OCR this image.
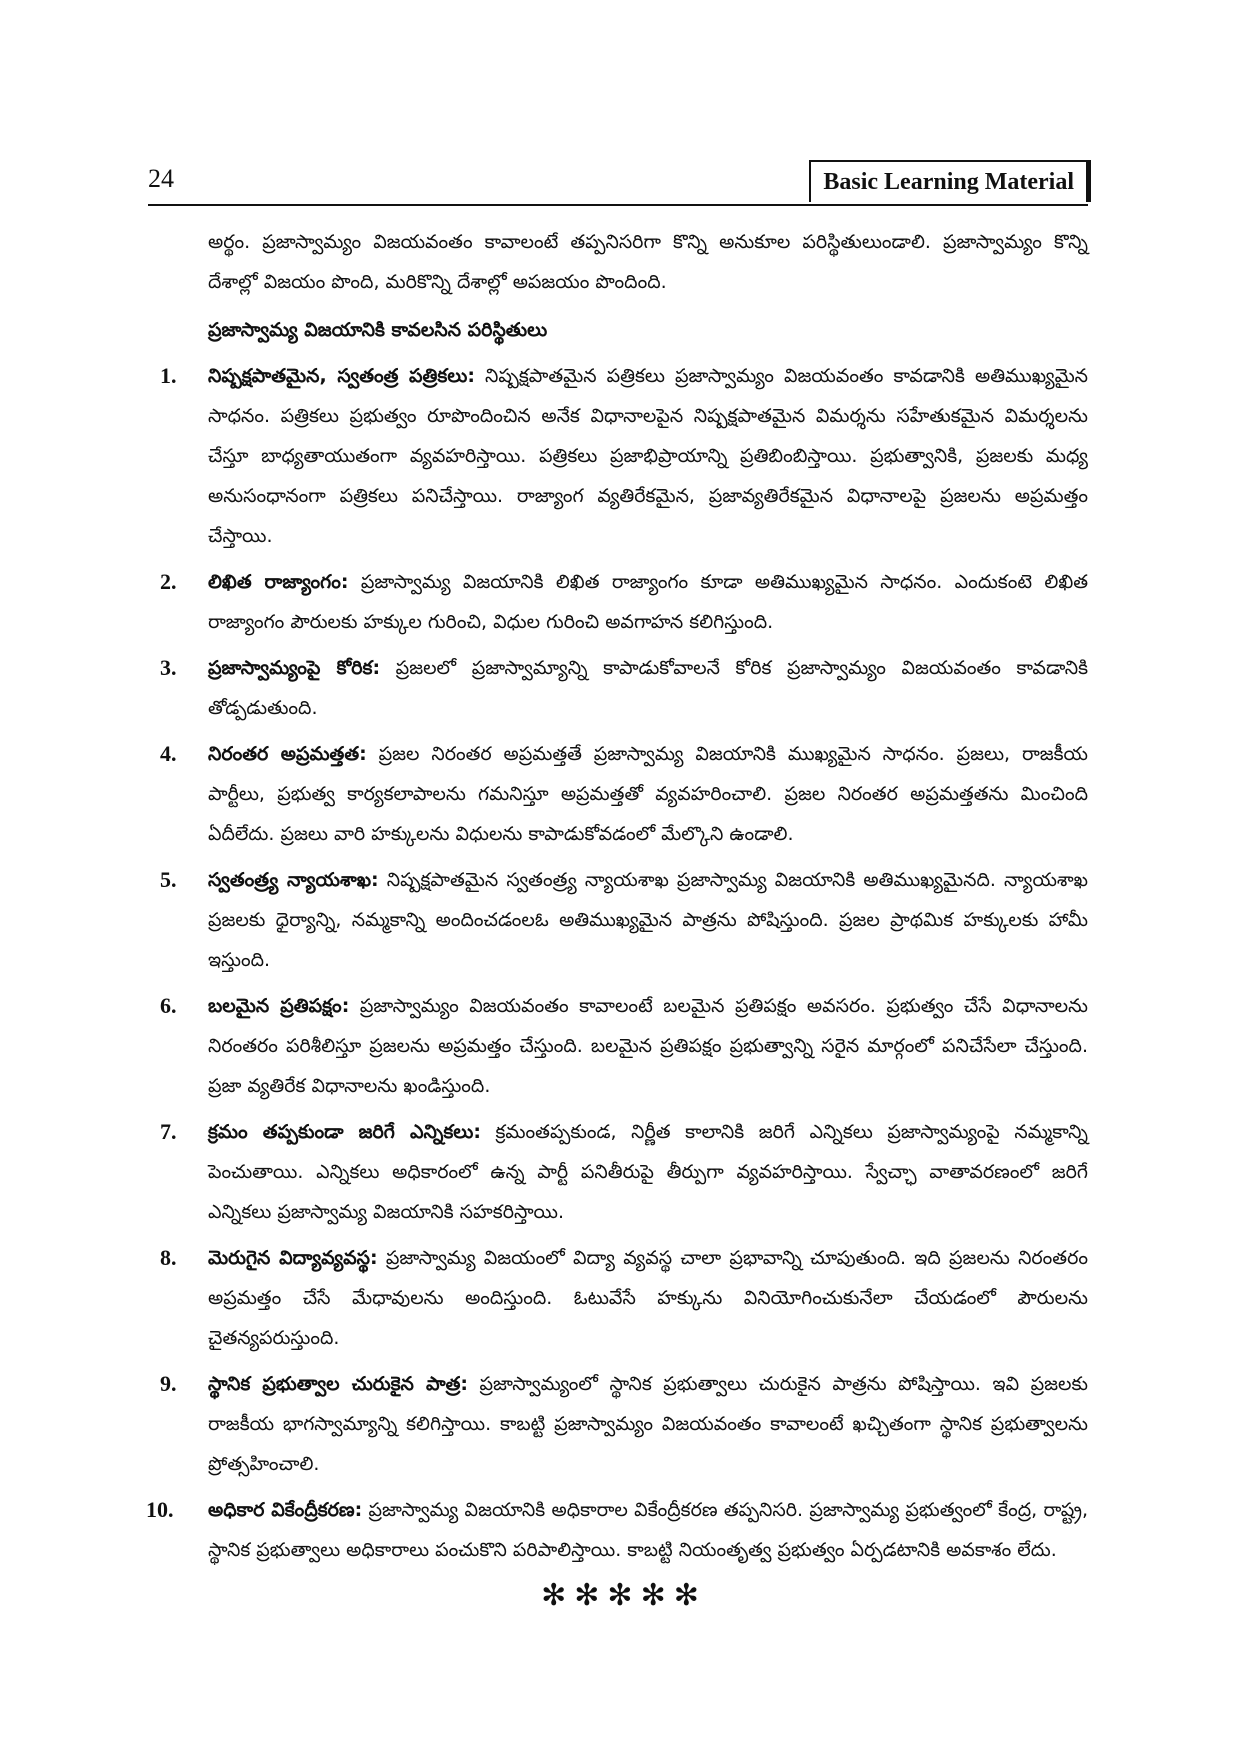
24	Basic Learning Material

అర్థం. ప్రజాస్వామ్యం విజయవంతం కావాలంటే తప్పనిసరిగా కొన్ని అనుకూల పరిస్థితులుండాలి. ప్రజాస్వామ్యం కొన్ని దేశాల్లో విజయం పొంది, మరికొన్ని దేశాల్లో అపజయం పొందింది.

ప్రజాస్వామ్య విజయానికి కావలసిన పరిస్థితులు
1.	నిష్పక్షపాతమైన, స్వతంత్ర పత్రికలు: నిష్పక్షపాతమైన పత్రికలు ప్రజాస్వామ్యం విజయవంతం కావడానికి అతిముఖ్యమైన సాధనం. పత్రికలు ప్రభుత్వం రూపొందించిన అనేక విధానాలపైన నిష్పక్షపాతమైన విమర్శను సహేతుకమైన విమర్శలను చేస్తూ బాధ్యతాయుతంగా వ్యవహరిస్తాయి. పత్రికలు ప్రజాభిప్రాయాన్ని ప్రతిబింబిస్తాయి. ప్రభుత్వానికి, ప్రజలకు మధ్య అనుసంధానంగా పత్రికలు పనిచేస్తాయి. రాజ్యాంగ వ్యతిరేకమైన, ప్రజావ్యతిరేకమైన విధానాలపై ప్రజలను అప్రమత్తం చేస్తాయి.
2.	లిఖిత రాజ్యాంగం: ప్రజాస్వామ్య విజయానికి లిఖిత రాజ్యాంగం కూడా అతిముఖ్యమైన సాధనం. ఎందుకంటె లిఖిత రాజ్యాంగం పౌరులకు హక్కుల గురించి, విధుల గురించి అవగాహన కలిగిస్తుంది.
3.	ప్రజాస్వామ్యంపై కోరిక: ప్రజలలో ప్రజాస్వామ్యాన్ని కాపాడుకోవాలనే కోరిక ప్రజాస్వామ్యం విజయవంతం కావడానికి తోడ్పడుతుంది.
4.	నిరంతర అప్రమత్తత: ప్రజల నిరంతర అప్రమత్తతే ప్రజాస్వామ్య విజయానికి ముఖ్యమైన సాధనం. ప్రజలు, రాజకీయ పార్టీలు, ప్రభుత్వ కార్యకలాపాలను గమనిస్తూ అప్రమత్తతో వ్యవహరించాలి. ప్రజల నిరంతర అప్రమత్తతను మించింది ఏదీలేదు. ప్రజలు వారి హక్కులను విధులను కాపాడుకోవడంలో మేల్కొని ఉండాలి.
5.	స్వతంత్ర్య న్యాయశాఖ: నిష్పక్షపాతమైన స్వతంత్ర్య న్యాయశాఖ ప్రజాస్వామ్య విజయానికి అతిముఖ్యమైనది. న్యాయశాఖ ప్రజలకు ధైర్యాన్ని, నమ్మకాన్ని అందించడంలఓ అతిముఖ్యమైన పాత్రను పోషిస్తుంది. ప్రజల ప్రాథమిక హక్కులకు హామీ ఇస్తుంది.
6.	బలమైన ప్రతిపక్షం: ప్రజాస్వామ్యం విజయవంతం కావాలంటే బలమైన ప్రతిపక్షం అవసరం. ప్రభుత్వం చేసే విధానాలను నిరంతరం పరిశీలిస్తూ ప్రజలను అప్రమత్తం చేస్తుంది. బలమైన ప్రతిపక్షం ప్రభుత్వాన్ని సరైన మార్గంలో పనిచేసేలా చేస్తుంది. ప్రజా వ్యతిరేక విధానాలను ఖండిస్తుంది.
7.	క్రమం తప్పకుండా జరిగే ఎన్నికలు: క్రమంతప్పకుండ, నిర్ణీత కాలానికి జరిగే ఎన్నికలు ప్రజాస్వామ్యంపై నమ్మకాన్ని పెంచుతాయి. ఎన్నికలు అధికారంలో ఉన్న పార్టీ పనితీరుపై తీర్పుగా వ్యవహరిస్తాయి. స్వేచ్ఛా వాతావరణంలో జరిగే ఎన్నికలు ప్రజాస్వామ్య విజయానికి సహకరిస్తాయి.
8.	మెరుగైన విద్యావ్యవస్థ: ప్రజాస్వామ్య విజయంలో విద్యా వ్యవస్థ చాలా ప్రభావాన్ని చూపుతుంది. ఇది ప్రజలను నిరంతరం అప్రమత్తం చేసే మేధావులను అందిస్తుంది. ఓటువేసే హక్కును వినియోగించుకునేలా చేయడంలో పౌరులను చైతన్యపరుస్తుంది.
9.	స్థానిక ప్రభుత్వాల చురుకైన పాత్ర: ప్రజాస్వామ్యంలో స్థానిక ప్రభుత్వాలు చురుకైన పాత్రను పోషిస్తాయి. ఇవి ప్రజలకు రాజకీయ భాగస్వామ్యాన్ని కలిగిస్తాయి. కాబట్టి ప్రజాస్వామ్యం విజయవంతం కావాలంటే ఖచ్చితంగా స్థానిక ప్రభుత్వాలను ప్రోత్సహించాలి.
10.	అధికార వికేంద్రీకరణ: ప్రజాస్వామ్య విజయానికి అధికారాల వికేంద్రీకరణ తప్పనిసరి. ప్రజాస్వామ్య ప్రభుత్వంలో కేంద్ర, రాష్ట్ర, స్థానిక ప్రభుత్వాలు అధికారాలు పంచుకొని పరిపాలిస్తాయి. కాబట్టి నియంతృత్వ ప్రభుత్వం ఏర్పడటానికి అవకాశం లేదు.
✻✻✻✻✻
